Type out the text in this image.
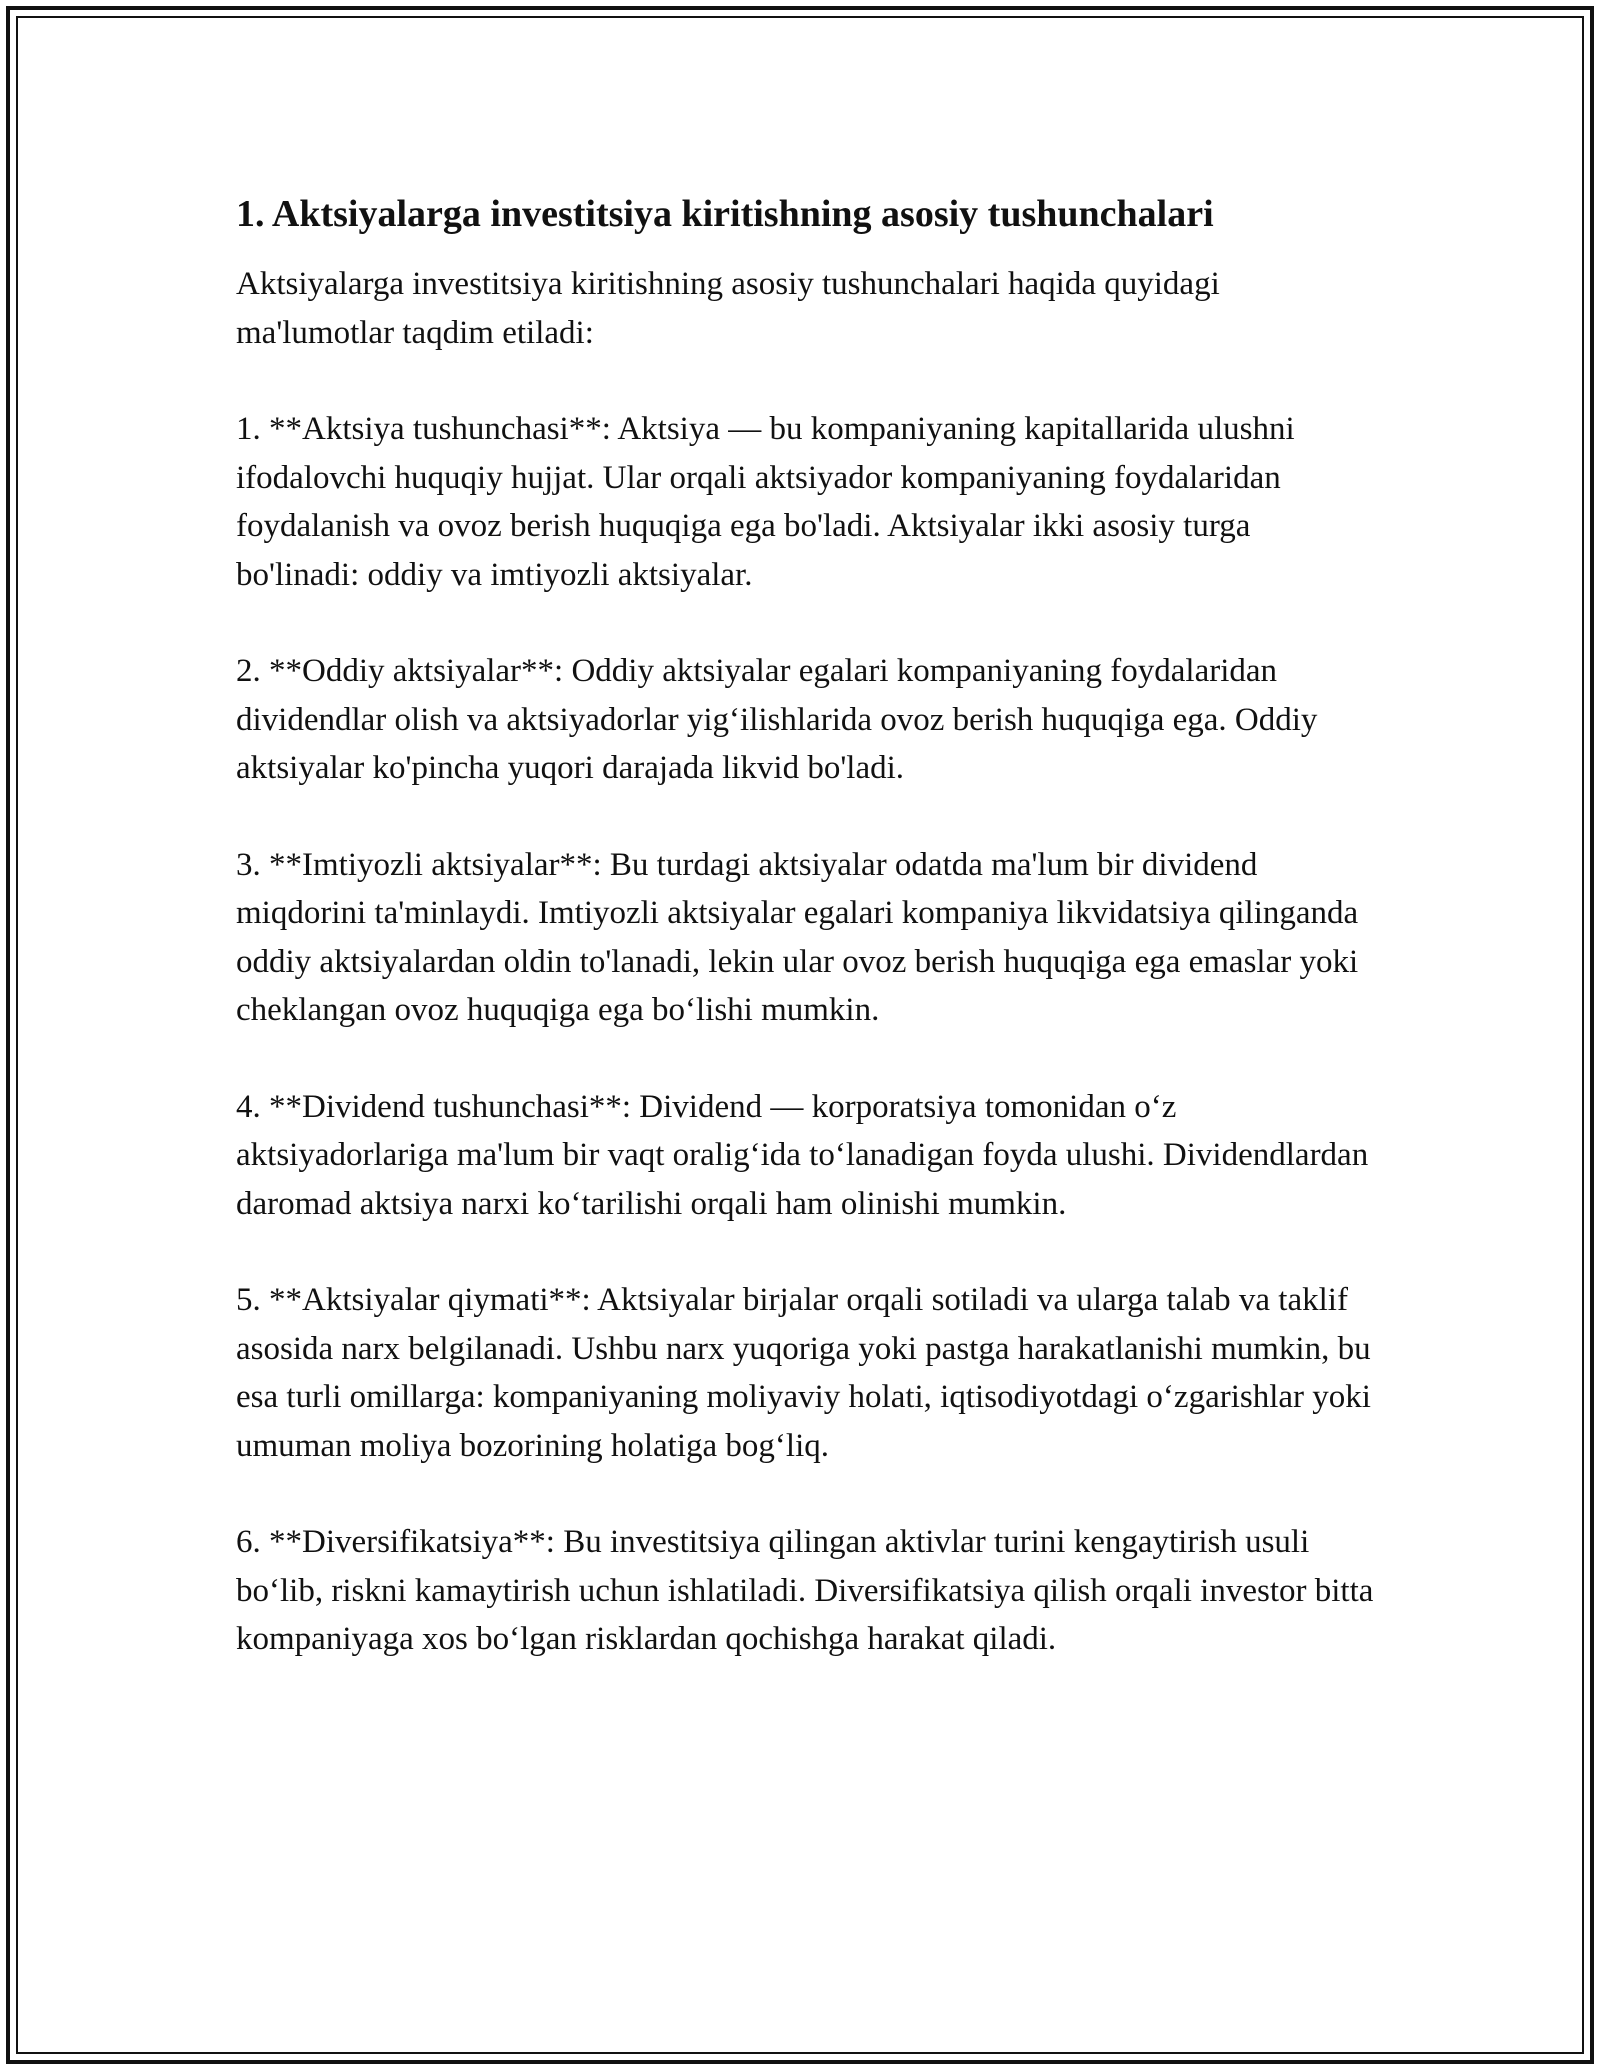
1. Aktsiyalarga investitsiya kiritishning asosiy tushunchalari

Aktsiyalarga investitsiya kiritishning asosiy tushunchalari haqida quyidagi ma'lumotlar taqdim etiladi:

1. **Aktsiya tushunchasi**: Aktsiya — bu kompaniyaning kapitallarida ulushni ifodalovchi huquqiy hujjat. Ular orqali aktsiyador kompaniyaning foydalaridan foydalanish va ovoz berish huquqiga ega bo'ladi. Aktsiyalar ikki asosiy turga bo'linadi: oddiy va imtiyozli aktsiyalar.

2. **Oddiy aktsiyalar**: Oddiy aktsiyalar egalari kompaniyaning foydalaridan dividendlar olish va aktsiyadorlar yig‘ilishlarida ovoz berish huquqiga ega. Oddiy aktsiyalar ko'pincha yuqori darajada likvid bo'ladi.

3. **Imtiyozli aktsiyalar**: Bu turdagi aktsiyalar odatda ma'lum bir dividend miqdorini ta'minlaydi. Imtiyozli aktsiyalar egalari kompaniya likvidatsiya qilinganda oddiy aktsiyalardan oldin to'lanadi, lekin ular ovoz berish huquqiga ega emaslar yoki cheklangan ovoz huquqiga ega bo‘lishi mumkin.

4. **Dividend tushunchasi**: Dividend — korporatsiya tomonidan o‘z aktsiyadorlariga ma'lum bir vaqt oralig‘ida to‘lanadigan foyda ulushi. Dividendlardan daromad aktsiya narxi ko‘tarilishi orqali ham olinishi mumkin.

5. **Aktsiyalar qiymati**: Aktsiyalar birjalar orqali sotiladi va ularga talab va taklif asosida narx belgilanadi. Ushbu narx yuqoriga yoki pastga harakatlanishi mumkin, bu esa turli omillarga: kompaniyaning moliyaviy holati, iqtisodiyotdagi o‘zgarishlar yoki umuman moliya bozorining holatiga bog‘liq.

6. **Diversifikatsiya**: Bu investitsiya qilingan aktivlar turini kengaytirish usuli bo‘lib, riskni kamaytirish uchun ishlatiladi. Diversifikatsiya qilish orqali investor bitta kompaniyaga xos bo‘lgan risklardan qochishga harakat qiladi.
